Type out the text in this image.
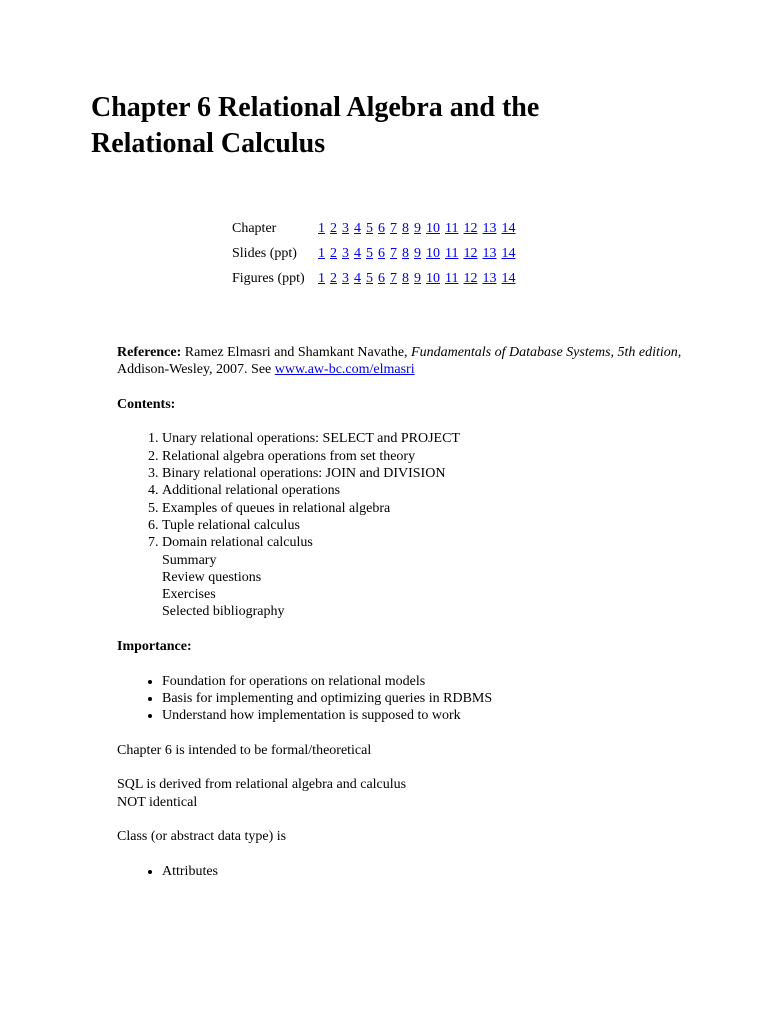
Chapter 6 Relational Algebra and the
Relational Calculus
Chapter	1 2 3 4 5 6 7 8 9 10 11 12 13 14
Slides (ppt)	1 2 3 4 5 6 7 8 9 10 11 12 13 14
Figures (ppt)	1 2 3 4 5 6 7 8 9 10 11 12 13 14

Reference: Ramez Elmasri and Shamkant Navathe, Fundamentals of Database Systems, 5th edition, Addison-Wesley, 2007. See www.aw-bc.com/elmasri

Contents:

1. Unary relational operations: SELECT and PROJECT
2. Relational algebra operations from set theory
3. Binary relational operations: JOIN and DIVISION
4. Additional relational operations
5. Examples of queues in relational algebra
6. Tuple relational calculus
7. Domain relational calculus
Summary
Review questions
Exercises
Selected bibliography

Importance:

• Foundation for operations on relational models
• Basis for implementing and optimizing queries in RDBMS
• Understand how implementation is supposed to work

Chapter 6 is intended to be formal/theoretical

SQL is derived from relational algebra and calculus
NOT identical

Class (or abstract data type) is

• Attributes
